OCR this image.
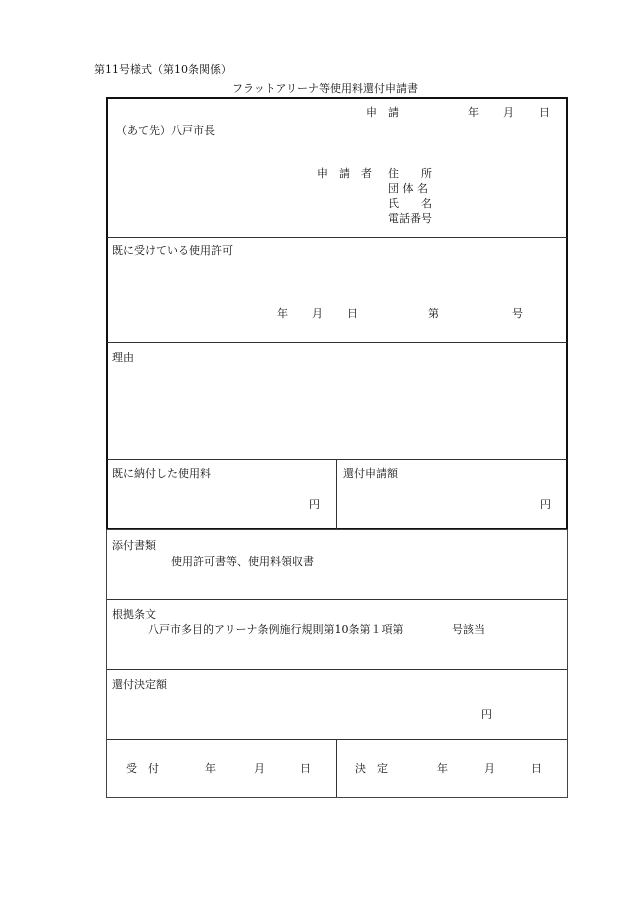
第11号様式（第10条関係）
フラットアリーナ等使用料還付申請書
申　請	年 月 日
（あて先）八戸市長
申　請　者 住　　所
団 体 名
氏　　名
電話番号
既に受けている使用許可
年 月 日	第	号
理由
既に納付した使用料
円
還付申請額
円
添付書類
使用許可書等、使用料領収書
根拠条文
八戸市多目的アリーナ条例施行規則第10条第１項第	号該当
還付決定額
円
受　付	年	月	日	決　定	年	月	日
